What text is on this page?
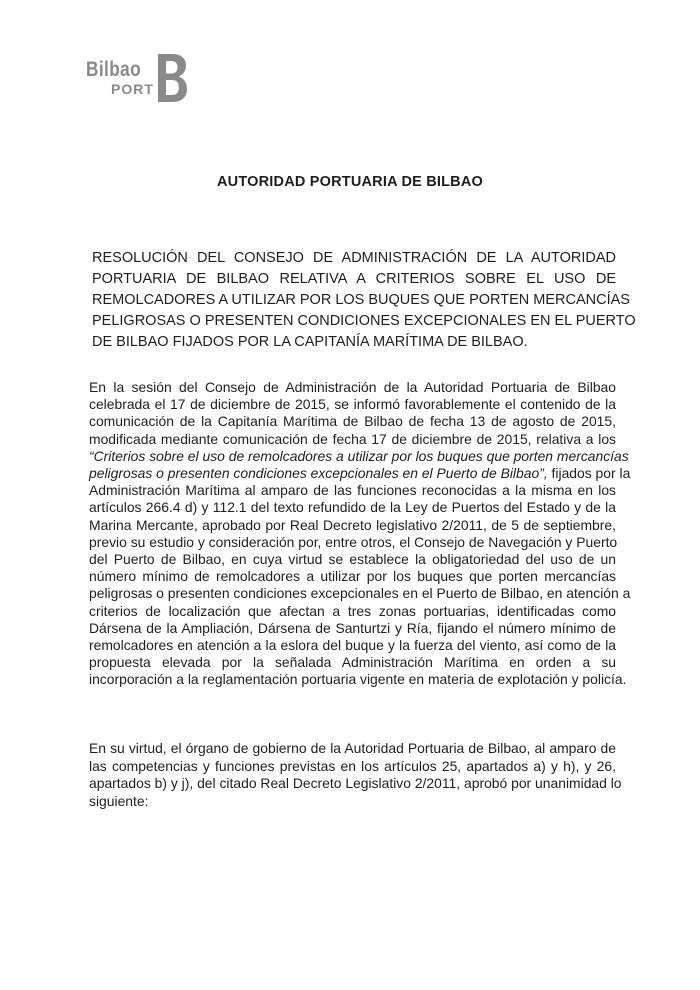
Bilbao
PORT
AUTORIDAD PORTUARIA DE BILBAO
RESOLUCIÓN DEL CONSEJO DE ADMINISTRACIÓN DE LA AUTORIDAD
PORTUARIA DE BILBAO RELATIVA A CRITERIOS SOBRE EL USO DE
REMOLCADORES A UTILIZAR POR LOS BUQUES QUE PORTEN MERCANCÍAS
PELIGROSAS O PRESENTEN CONDICIONES EXCEPCIONALES EN EL PUERTO
DE BILBAO FIJADOS POR LA CAPITANÍA MARÍTIMA DE BILBAO.
En la sesión del Consejo de Administración de la Autoridad Portuaria de Bilbao
celebrada el 17 de diciembre de 2015, se informó favorablemente el contenido de la
comunicación de la Capitanía Marítima de Bilbao de fecha 13 de agosto de 2015,
modificada mediante comunicación de fecha 17 de diciembre de 2015, relativa a los
“Criterios sobre el uso de remolcadores a utilizar por los buques que porten mercancías
peligrosas o presenten condiciones excepcionales en el Puerto de Bilbao”, fijados por la
Administración Marítima al amparo de las funciones reconocidas a la misma en los
artículos 266.4 d) y 112.1 del texto refundido de la Ley de Puertos del Estado y de la
Marina Mercante, aprobado por Real Decreto legislativo 2/2011, de 5 de septiembre,
previo su estudio y consideración por, entre otros, el Consejo de Navegación y Puerto
del Puerto de Bilbao, en cuya virtud se establece la obligatoriedad del uso de un
número mínimo de remolcadores a utilizar por los buques que porten mercancías
peligrosas o presenten condiciones excepcionales en el Puerto de Bilbao, en atención a
criterios de localización que afectan a tres zonas portuarias, identificadas como
Dársena de la Ampliación, Dársena de Santurtzi y Ría, fijando el número mínimo de
remolcadores en atención a la eslora del buque y la fuerza del viento, así como de la
propuesta elevada por la señalada Administración Marítima en orden a su
incorporación a la reglamentación portuaria vigente en materia de explotación y policía.
En su virtud, el órgano de gobierno de la Autoridad Portuaria de Bilbao, al amparo de
las competencias y funciones previstas en los artículos 25, apartados a) y h), y 26,
apartados b) y j), del citado Real Decreto Legislativo 2/2011, aprobó por unanimidad lo
siguiente:
